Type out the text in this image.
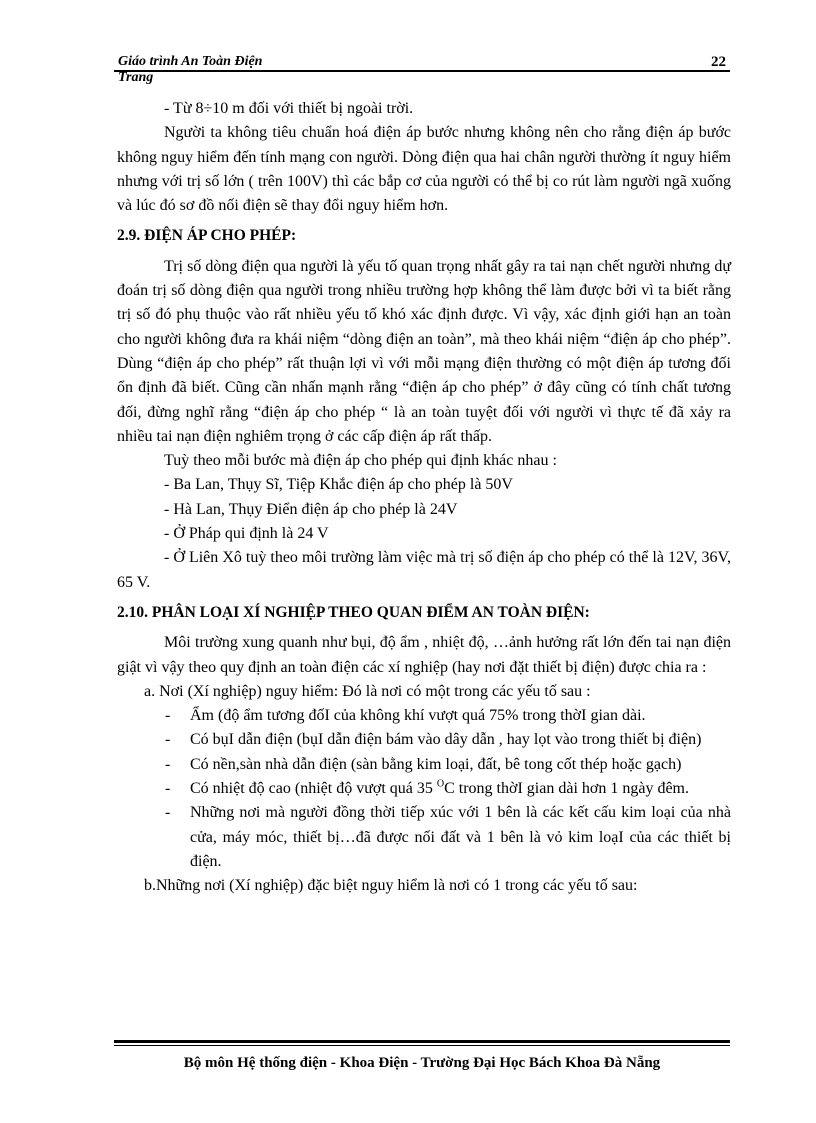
Giáo trình An Toàn Điện	22
Trang

- Từ 8÷10 m đối với thiết bị ngoài trời.

Người ta không tiêu chuẩn hoá điện áp bước nhưng không nên cho rằng điện áp bước không nguy hiểm đến tính mạng con người. Dòng điện qua hai chân người thường ít nguy hiểm nhưng với trị số lớn ( trên 100V) thì các bắp cơ của người có thể bị co rút làm người ngã xuống và lúc đó sơ đồ nối điện sẽ thay đổi nguy hiểm hơn.

2.9. ĐIỆN ÁP CHO PHÉP:

Trị số dòng điện qua người là yếu tố quan trọng nhất gây ra tai nạn chết người nhưng dự đoán trị số dòng điện qua người trong nhiều trường hợp không thể làm được bởi vì ta biết rằng trị số đó phụ thuộc vào rất nhiều yếu tố khó xác định được. Vì vậy, xác định giới hạn an toàn cho người không đưa ra khái niệm “dòng điện an toàn”, mà theo khái niệm “điện áp cho phép”. Dùng “điện áp cho phép” rất thuận lợi vì với mỗi mạng điện thường có một điện áp tương đối ổn định đã biết. Cũng cần nhấn mạnh rằng “điện áp cho phép” ở đây cũng có tính chất tương đối, đừng nghĩ rằng “điện áp cho phép “ là an toàn tuyệt đối với người vì thực tế đã xảy ra nhiều tai nạn điện nghiêm trọng ở các cấp điện áp rất thấp.

Tuỳ theo mỗi bước mà điện áp cho phép qui định khác nhau :

- Ba Lan, Thụy Sĩ, Tiệp Khắc điện áp cho phép là 50V

- Hà Lan, Thụy Điển điện áp cho phép là 24V

- Ở Pháp qui định là 24 V

- Ở Liên Xô tuỳ theo môi trường làm việc mà trị số điện áp cho phép có thể là 12V, 36V, 65 V.

2.10. PHÂN LOẠI XÍ NGHIỆP THEO QUAN ĐIỂM AN TOÀN ĐIỆN:

Môi trường xung quanh như bụi, độ ẩm , nhiệt độ, …ảnh hưởng rất lớn đến tai nạn điện giật vì vậy theo quy định an toàn điện các xí nghiệp (hay nơi đặt thiết bị điện) được chia ra :

a. Nơi (Xí nghiệp) nguy hiểm: Đó là nơi có một trong các yếu tố sau :

- Ẩm (độ ẩm tương đốI của không khí vượt quá 75% trong thờI gian dài.
- Có bụI dẫn điện (bụI dẫn điện bám vào dây dẫn , hay lọt vào trong thiết bị điện)
- Có nền,sàn nhà dẫn điện (sàn bằng kim loại, đất, bê tong cốt thép hoặc gạch)
- Có nhiệt độ cao (nhiệt độ vượt quá 35 $^O$C trong thờI gian dài hơn 1 ngày đêm.
- Những nơi mà người đồng thời tiếp xúc với 1 bên là các kết cấu kim loại của nhà cửa, máy móc, thiết bị…đã được nối đất và 1 bên là vỏ kim loạI của các thiết bị điện.

b.Những nơi (Xí nghiệp) đặc biệt nguy hiểm là nơi có 1 trong các yếu tố sau:

Bộ môn Hệ thống điện - Khoa Điện - Trường Đại Học Bách Khoa Đà Nẵng
